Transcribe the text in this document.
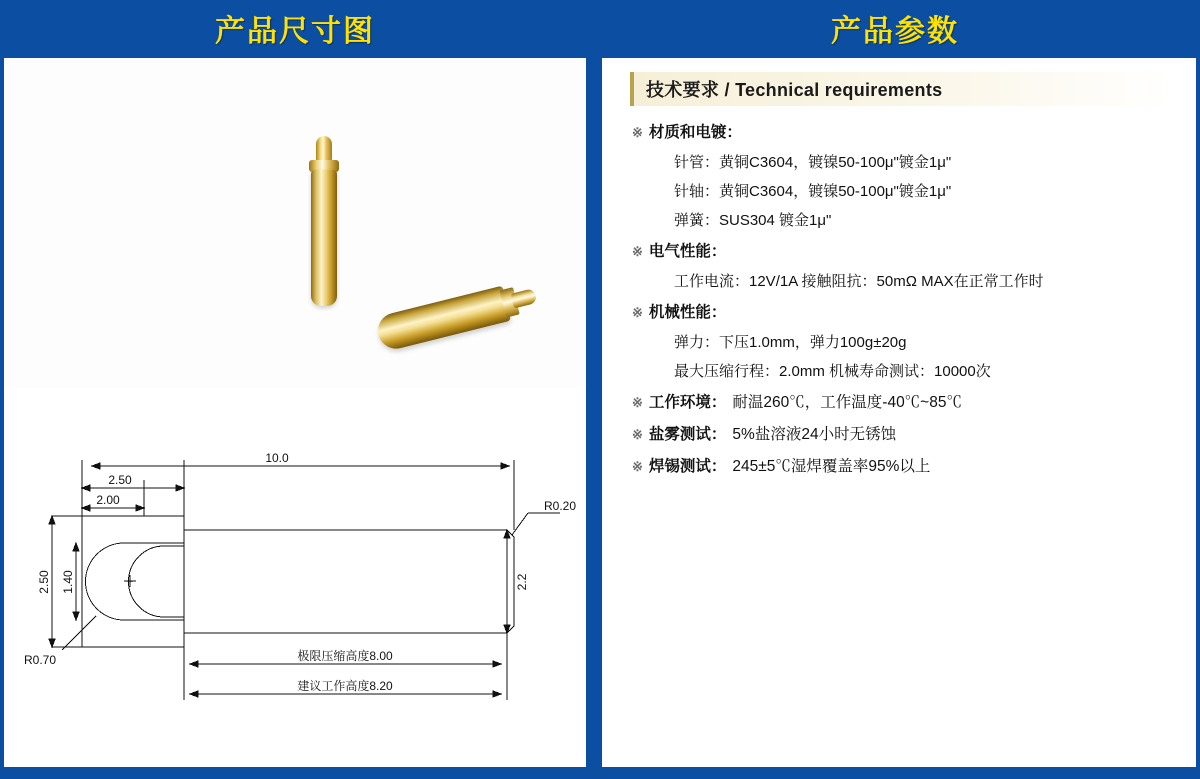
产品尺寸图	产品参数
10.0
2.50
2.00
2.50 1.40
R0.20
R0.70
2.2
极限压缩高度8.00
建议工作高度8.20
+
技术要求 / Technical requirements
※ 材质和电镀：
针管：黄铜C3604，镀镍50-100μ"镀金1μ"
针轴：黄铜C3604，镀镍50-100μ"镀金1μ"
弹簧：SUS304 镀金1μ"
※ 电气性能：
工作电流：12V/1A 接触阻抗：50mΩ MAX在正常工作时
※ 机械性能：
弹力：下压1.0mm，弹力100g±20g
最大压缩行程：2.0mm 机械寿命测试：10000次
※ 工作环境： 耐温260℃，工作温度-40℃~85℃
※ 盐雾测试： 5%盐溶液24小时无锈蚀
※ 焊锡测试： 245±5℃湿焊覆盖率95%以上
